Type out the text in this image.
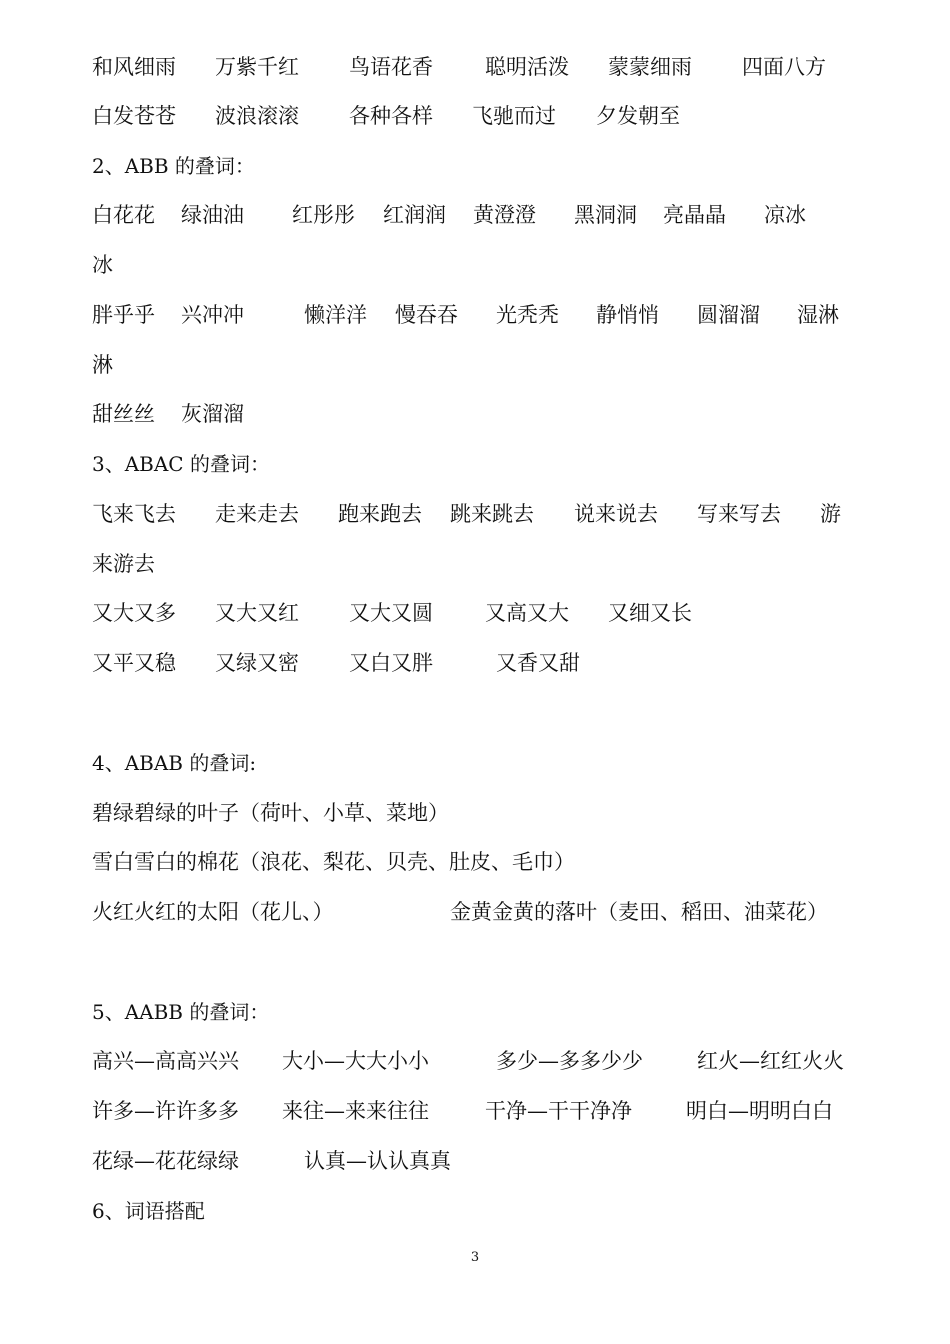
和风细雨 万紫千红 鸟语花香 聪明活泼 蒙蒙细雨 四面八方
白发苍苍 波浪滚滚 各种各样 飞驰而过 夕发朝至
2、ABB 的叠词：
白花花 绿油油 红彤彤 红润润 黄澄澄 黑洞洞 亮晶晶 凉冰
冰
胖乎乎 兴冲冲	懒洋洋 慢吞吞 光秃秃 静悄悄 圆溜溜 湿淋
淋
甜丝丝 灰溜溜
3、ABAC 的叠词：
飞来飞去 走来走去 跑来跑去 跳来跳去 说来说去 写来写去 游
来游去
又大又多 又大又红 又大又圆 又高又大 又细又长
又平又稳 又绿又密 又白又胖	又香又甜
4、ABAB 的叠词:
碧绿碧绿的叶子（荷叶、小草、菜地）
雪白雪白的棉花（浪花、梨花、贝壳、肚皮、毛巾）
火红火红的太阳（花儿、）	金黄金黄的落叶（麦田、稻田、油菜花）
5、AABB 的叠词：
高兴—高高兴兴 大小—大大小小	多少—多多少少	红火—红红火火
许多—许许多多 来往—来来往往	干净—干干净净	明白—明明白白
花绿—花花绿绿	认真—认认真真
6、词语搭配
3
